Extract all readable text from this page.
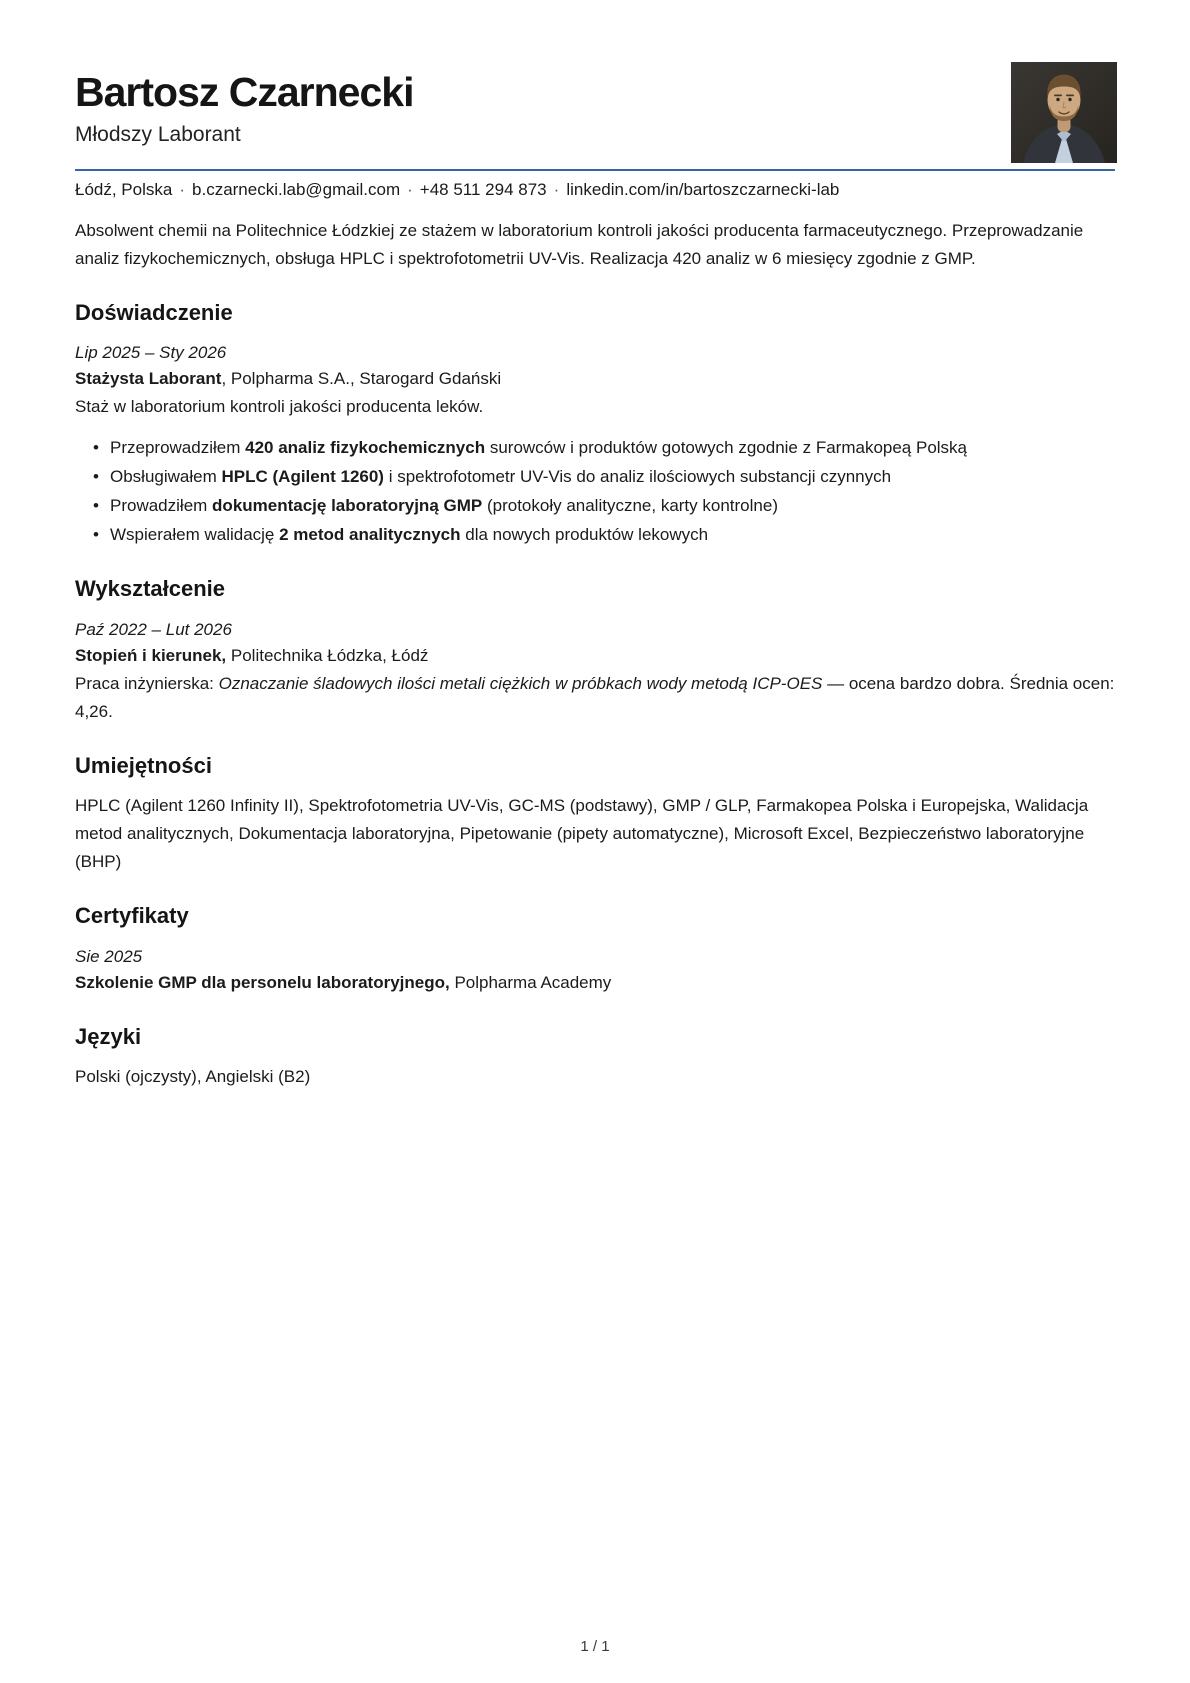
Bartosz Czarnecki
Młodszy Laborant
Łódź, Polska · b.czarnecki.lab@gmail.com · +48 511 294 873 · linkedin.com/in/bartoszczarnecki-lab

Absolwent chemii na Politechnice Łódzkiej ze stażem w laboratorium kontroli jakości producenta farmaceutycznego. Przeprowadzanie analiz fizykochemicznych, obsługa HPLC i spektrofotometrii UV-Vis. Realizacja 420 analiz w 6 miesięcy zgodnie z GMP.

Doświadczenie
Lip 2025 – Sty 2026
Stażysta Laborant, Polpharma S.A., Starogard Gdański
Staż w laboratorium kontroli jakości producenta leków.
• Przeprowadziłem 420 analiz fizykochemicznych surowców i produktów gotowych zgodnie z Farmakopeą Polską
• Obsługiwałem HPLC (Agilent 1260) i spektrofotometr UV-Vis do analiz ilościowych substancji czynnych
• Prowadziłem dokumentację laboratoryjną GMP (protokoły analityczne, karty kontrolne)
• Wspierałem walidację 2 metod analitycznych dla nowych produktów lekowych
Wykształcenie
Paź 2022 – Lut 2026
Stopień i kierunek, Politechnika Łódzka, Łódź
Praca inżynierska: Oznaczanie śladowych ilości metali ciężkich w próbkach wody metodą ICP-OES — ocena bardzo dobra. Średnia ocen: 4,26.
Umiejętności

HPLC (Agilent 1260 Infinity II), Spektrofotometria UV-Vis, GC-MS (podstawy), GMP / GLP, Farmakopea Polska i Europejska, Walidacja metod analitycznych, Dokumentacja laboratoryjna, Pipetowanie (pipety automatyczne), Microsoft Excel, Bezpieczeństwo laboratoryjne (BHP)

Certyfikaty
Sie 2025
Szkolenie GMP dla personelu laboratoryjnego, Polpharma Academy
Języki

Polski (ojczysty), Angielski (B2)

1 / 1
